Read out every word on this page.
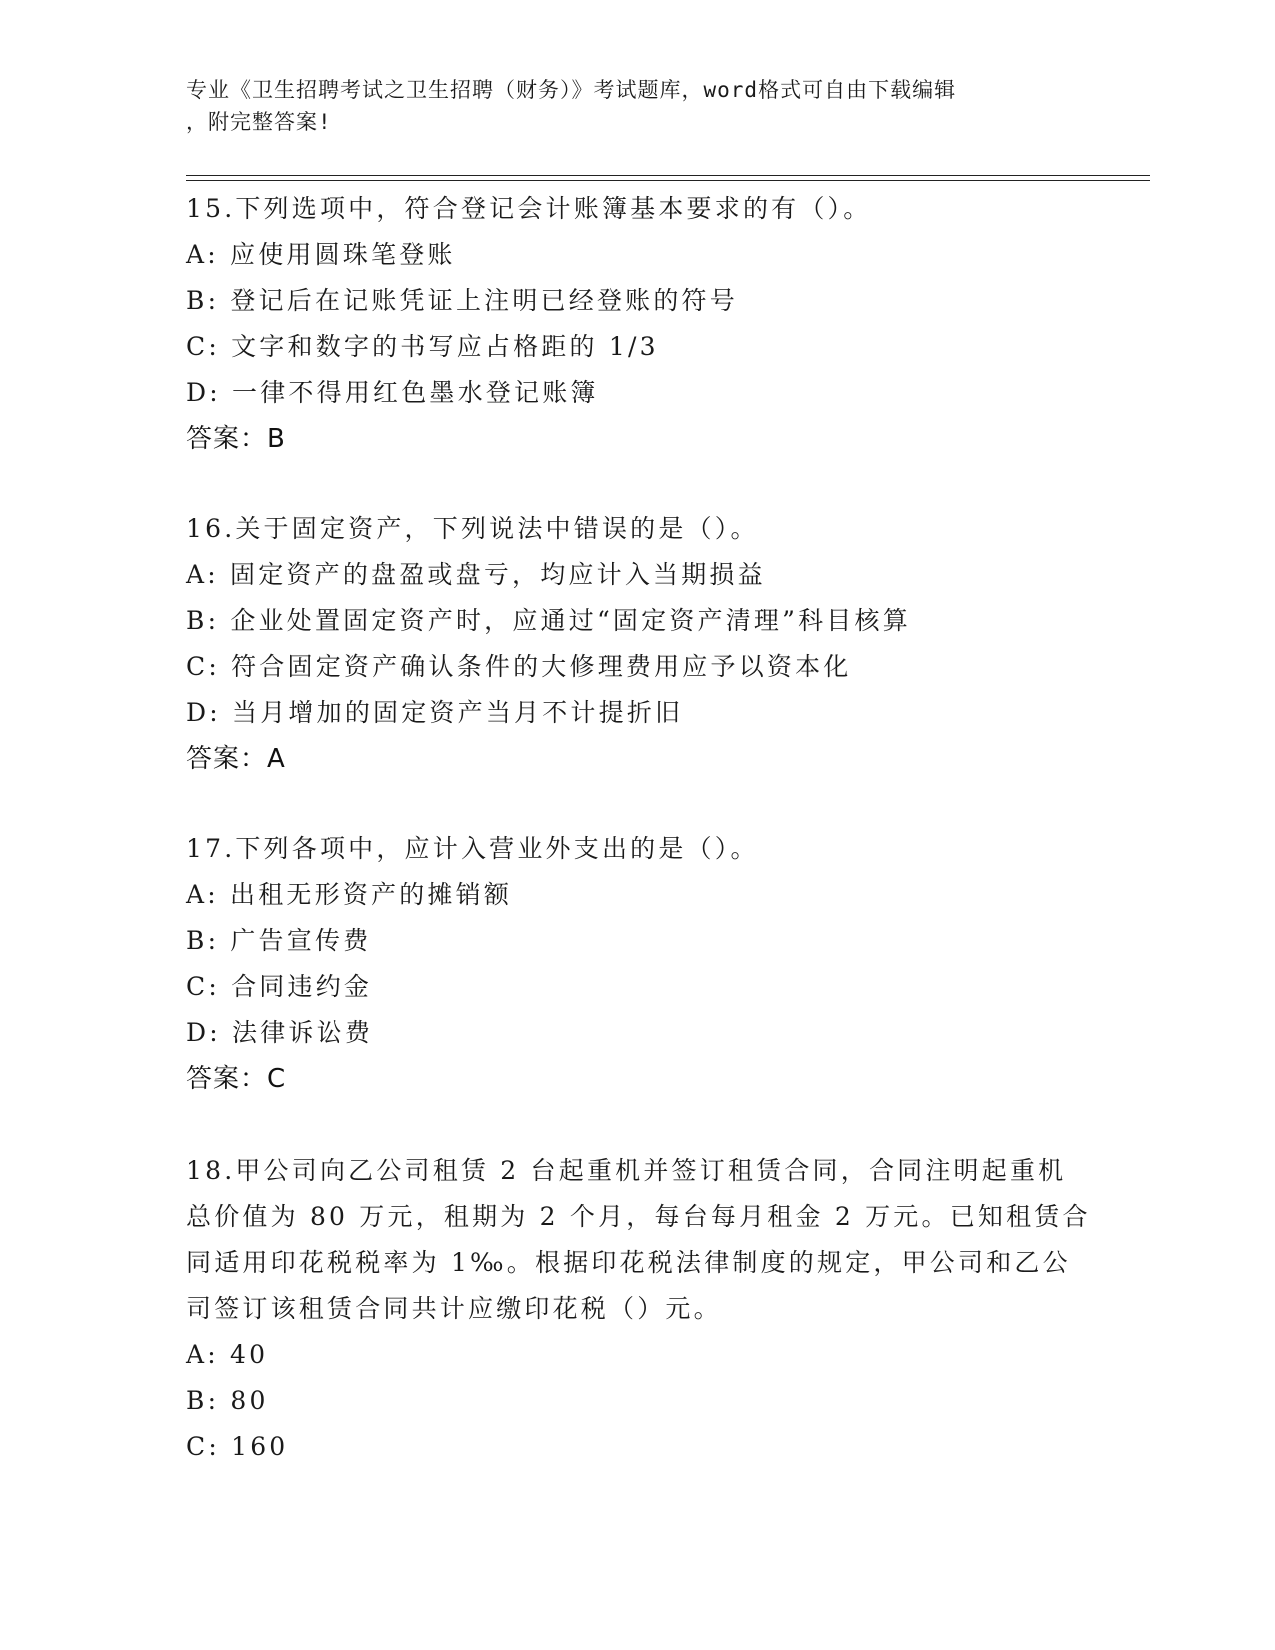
专业《卫生招聘考试之卫生招聘（财务）》考试题库，word格式可自由下载编辑
，附完整答案!
15.下列选项中，符合登记会计账簿基本要求的有（）。
A: 应使用圆珠笔登账
B: 登记后在记账凭证上注明已经登账的符号
C: 文字和数字的书写应占格距的 1/3
D: 一律不得用红色墨水登记账簿
答案：B
16.关于固定资产，下列说法中错误的是（）。
A: 固定资产的盘盈或盘亏，均应计入当期损益
B: 企业处置固定资产时，应通过“固定资产清理”科目核算
C: 符合固定资产确认条件的大修理费用应予以资本化
D: 当月增加的固定资产当月不计提折旧
答案：A
17.下列各项中，应计入营业外支出的是（）。
A: 出租无形资产的摊销额
B: 广告宣传费
C: 合同违约金
D: 法律诉讼费
答案：C
18.甲公司向乙公司租赁 2 台起重机并签订租赁合同，合同注明起重机
总价值为 80 万元，租期为 2 个月，每台每月租金 2 万元。已知租赁合
同适用印花税税率为 1‰。根据印花税法律制度的规定，甲公司和乙公
司签订该租赁合同共计应缴印花税（）元。
A: 40
B: 80
C: 160
